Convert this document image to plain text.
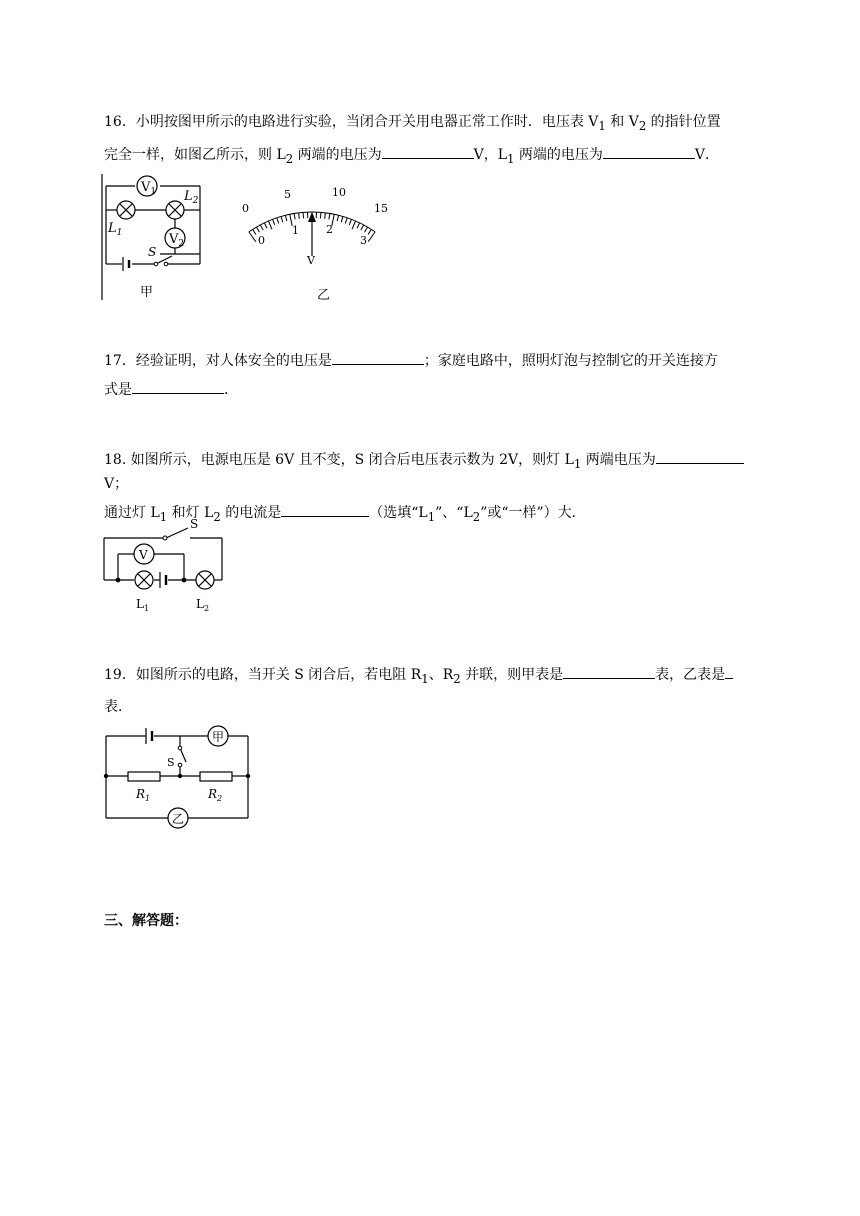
16．小明按图甲所示的电路进行实验，当闭合开关用电器正常工作时．电压表 $V_1$ 和 $V_2$ 的指针位置
完全一样，如图乙所示，则 $L_2$ 两端的电压为	V，$L_1$ 两端的电压为	V．
$V_1$ $L_2$
$V_2$
$L_1$
S
甲
0
5	10
15
0
1 2
3
V
乙
17．经验证明，对人体安全的电压是	；家庭电路中，照明灯泡与控制它的开关连接方
式是	．
18. 如图所示，电源电压是 6V 且不变，S 闭合后电压表示数为 2V，则灯 $L_1$ 两端电压为V；
通过灯 $L_1$ 和灯 $L_2$ 的电流是	（选填“$L_1$”、“$L_2$”或“一样”）大．
S
V
$L_1$	$L_2$
19．如图所示的电路，当开关 S 闭合后，若电阻 $R_1$、$R_2$ 并联，则甲表是	表，乙表是
表．
甲
乙
S
$R_1$	$R_2$
三、解答题：
